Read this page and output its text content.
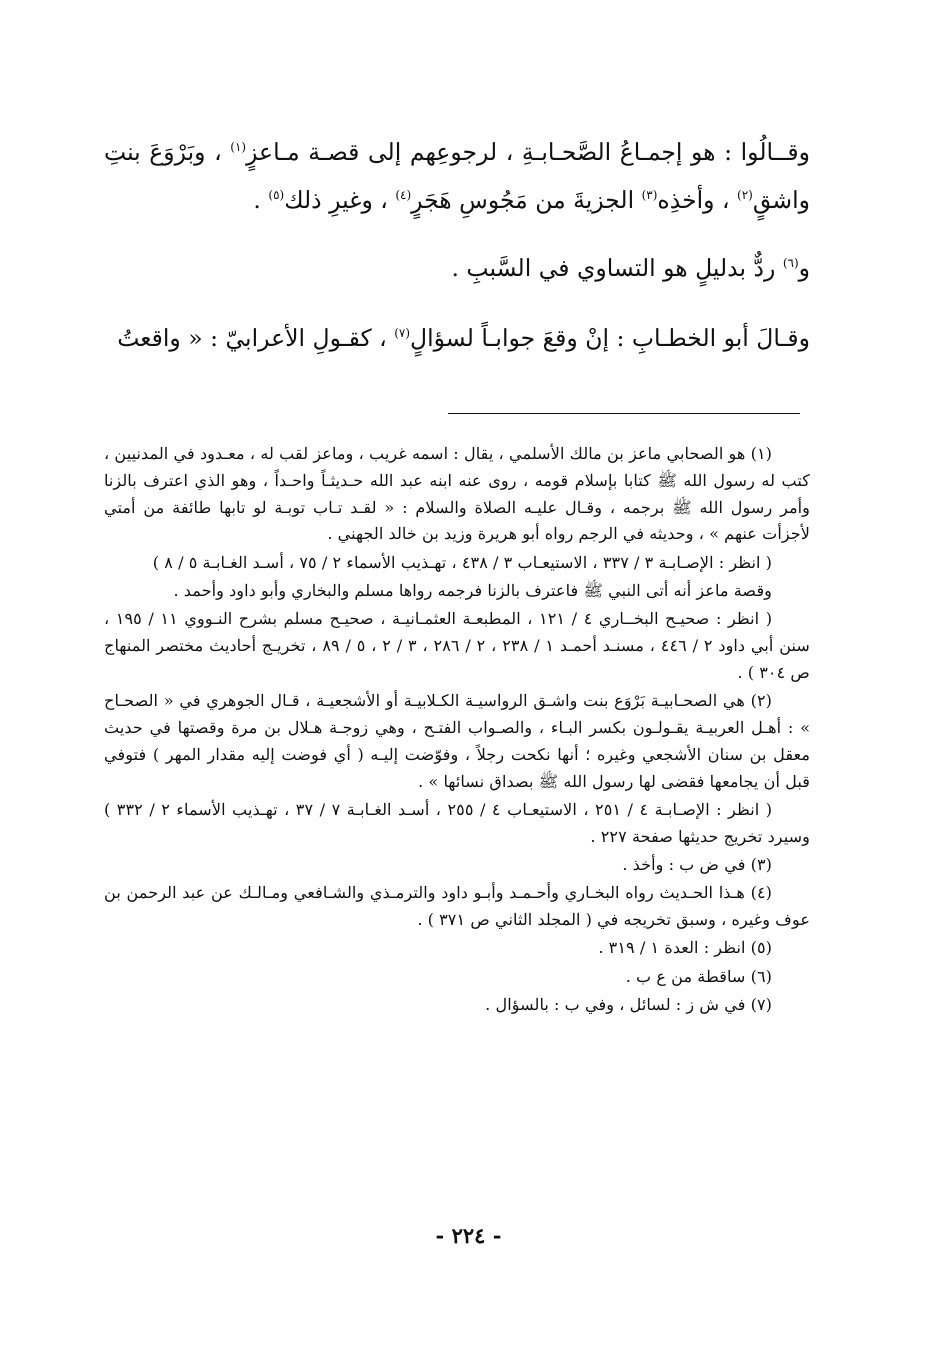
وقــالُوا : هو إجمـاعُ الصَّحـابـةِ ، لرجوعِهم إلى قصـة مـاعزٍ$^{(١)}$ ، وبَرْوَعَ بنتِ واشقٍ$^{(٢)}$ ، وأخذِه$^{(٣)}$ الجزيةَ من مَجُوسِ هَجَرٍ$^{(٤)}$ ، وغيرِ ذلك$^{(٥)}$ .

و$^{(٦)}$ ردٌّ بدليلٍ هو التساوي في السَّببِ .

وقـالَ أبو الخطـابِ : إنْ وقعَ جوابـاً لسؤالٍ$^{(٧)}$ ، كقـولِ الأعرابيّ : « واقعتُ

(١) هو الصحابي ماعز بن مالك الأسلمي ، يقال : اسمه غريب ، وماعز لقب له ، معـدود في المدنيين ، كتب له رسول الله ﷺ كتابا بإسلام قومه ، روى عنه ابنه عبد الله حـديثـاً واحـداً ، وهو الذي اعترف بالزنا وأمر رسول الله ﷺ برجمه ، وقـال عليـه الصلاة والسلام : « لقـد تـاب توبـة لو تابها طائفة من أمتي لأجزأت عنهم » ، وحديثه في الرجم رواه أبو هريرة وزيد بن خالد الجهني .

( انظر : الإصـابـة ٣ / ٣٣٧ ، الاستيعـاب ٣ / ٤٣٨ ، تهـذيب الأسماء ٢ / ٧٥ ، أسـد الغـابـة ٥ / ٨ )

وقصة ماعز أنه أتى النبي ﷺ فاعترف بالزنا فرجمه رواها مسلم والبخاري وأبو داود وأحمد .

( انظر : صحيـح البخــاري ٤ / ١٢١ ، المطبعـة العثمـانيـة ، صحيـح مسلم بشرح النـووي ١١ / ١٩٥ ، سنن أبي داود ٢ / ٤٤٦ ، مسنـد أحمـد ١ / ٢٣٨ ، ٢ / ٢٨٦ ، ٣ / ٢ ، ٥ / ٨٩ ، تخريـج أحاديث مختصر المنهاج ص ٣٠٤ ) .

(٢) هي الصحـابيـة بَرْوَع بنت واشـق الرواسيـة الكـلابيـة أو الأشجعيـة ، قـال الجوهري في « الصحـاح » : أهـل العربيـة يقـولـون بكسر البـاء ، والصـواب الفتـح ، وهي زوجـة هـلال بن مرة وقصتها في حديث معقل بن سنان الأشجعي وغيره ؛ أنها نكحت رجلاً ، وفوّضت إليـه ( أي فوضت إليه مقدار المهر ) فتوفي قبل أن يجامعها فقضى لها رسول الله ﷺ بصداق نسائها » .

( انظر : الإصـابـة ٤ / ٢٥١ ، الاستيعـاب ٤ / ٢٥٥ ، أسـد الغـابـة ٧ / ٣٧ ، تهـذيب الأسماء ٢ / ٣٣٢ ) وسيرد تخريج حديثها صفحة ٢٢٧ .

(٣) في ض ب : وأخذ .

(٤) هـذا الحـديث رواه البخـاري وأحـمـد وأبـو داود والترمـذي والشـافعي ومـالـك عن عبد الرحمن بن عوف وغيره ، وسبق تخريجه في ( المجلد الثاني ص ٣٧١ ) .

(٥) انظر : العدة ١ / ٣١٩ .

(٦) ساقطة من ع ب .

(٧) في ش ز : لسائل ، وفي ب : بالسؤال .

- ٢٢٤ -
